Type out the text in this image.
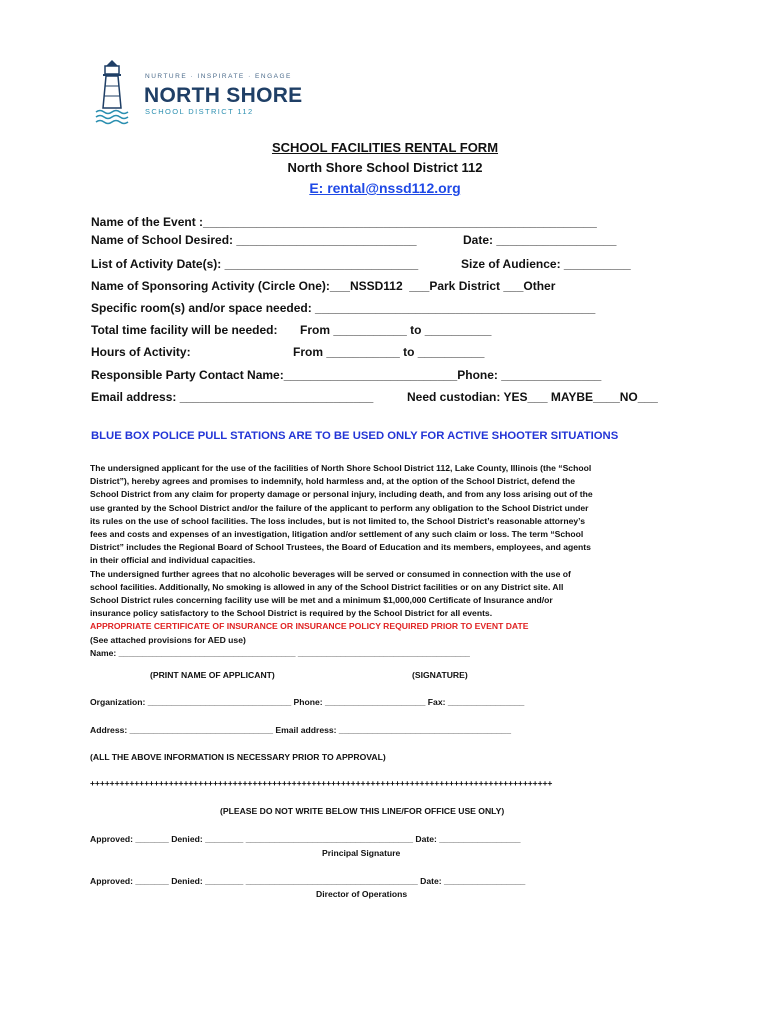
NURTURE · INSPIRATE · ENGAGE
NORTH SHORE
SCHOOL DISTRICT 112
SCHOOL FACILITIES RENTAL FORM
North Shore School District 112
E: rental@nssd112.org
Name of the Event :___________________________________________________________
Name of School Desired: ___________________________	Date: __________________
List of Activity Date(s): _____________________________	Size of Audience: __________
Name of Sponsoring Activity (Circle One):___NSSD112  ___Park District ___Other
Specific room(s) and/or space needed: __________________________________________
Total time facility will be needed: From ___________ to __________
Hours of Activity:	From ___________ to __________
Responsible Party Contact Name:__________________________Phone: _______________
Email address: _____________________________	Need custodian: YES___ MAYBE____NO___
BLUE BOX POLICE PULL STATIONS ARE TO BE USED ONLY FOR ACTIVE SHOOTER SITUATIONS

The undersigned applicant for the use of the facilities of North Shore School District 112, Lake County, Illinois (the “School

District”), hereby agrees and promises to indemnify, hold harmless and, at the option of the School District, defend the

School District from any claim for property damage or personal injury, including death, and from any loss arising out of the

use granted by the School District and/or the failure of the applicant to perform any obligation to the School District under

its rules on the use of school facilities. The loss includes, but is not limited to, the School District’s reasonable attorney’s

fees and costs and expenses of an investigation, litigation and/or settlement of any such claim or loss. The term “School

District” includes the Regional Board of School Trustees, the Board of Education and its members, employees, and agents

in their official and individual capacities.

The undersigned further agrees that no alcoholic beverages will be served or consumed in connection with the use of

school facilities. Additionally, No smoking is allowed in any of the School District facilities or on any District site. All

School District rules concerning facility use will be met and a minimum $1,000,000 Certificate of Insurance and/or

insurance policy satisfactory to the School District is required by the School District for all events.

APPROPRIATE CERTIFICATE OF INSURANCE OR INSURANCE POLICY REQUIRED PRIOR TO EVENT DATE

(See attached provisions for AED use)

Name: _____________________________________ ____________________________________

(PRINT NAME OF APPLICANT)	(SIGNATURE)
Organization: ______________________________ Phone: _____________________ Fax: ________________
Address: ______________________________ Email address: ____________________________________
(ALL THE ABOVE INFORMATION IS NECESSARY PRIOR TO APPROVAL)
++++++++++++++++++++++++++++++++++++++++++++++++++++++++++++++++++++++++++++++++++++++++++++++
(PLEASE DO NOT WRITE BELOW THIS LINE/FOR OFFICE USE ONLY)
Approved: _______ Denied: ________ ___________________________________ Date: _________________
Principal Signature
Approved: _______ Denied: ________ ____________________________________ Date: _________________
Director of Operations
